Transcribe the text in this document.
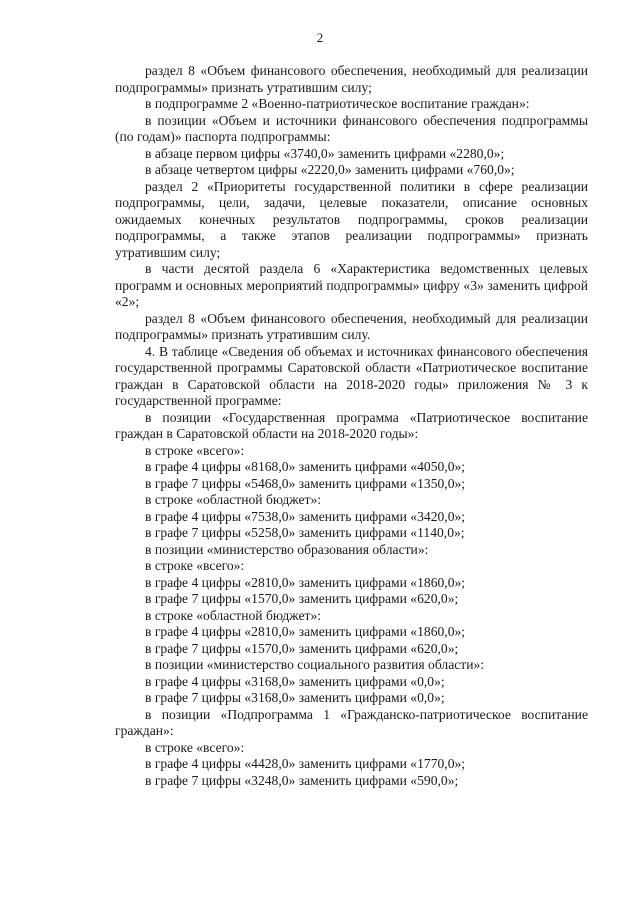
2

раздел 8 «Объем финансового обеспечения, необходимый для реализации подпрограммы» признать утратившим силу;

в подпрограмме 2 «Военно-патриотическое воспитание граждан»:

в позиции «Объем и источники финансового обеспечения подпрограммы (по годам)» паспорта подпрограммы:

в абзаце первом цифры «3740,0» заменить цифрами «2280,0»;

в абзаце четвертом цифры «2220,0» заменить цифрами «760,0»;

раздел 2 «Приоритеты государственной политики в сфере реализации подпрограммы, цели, задачи, целевые показатели, описание основных ожидаемых конечных результатов подпрограммы, сроков реализации подпрограммы, а также этапов реализации подпрограммы» признать утратившим силу;

в части десятой раздела 6 «Характеристика ведомственных целевых программ и основных мероприятий подпрограммы» цифру «3» заменить цифрой «2»;

раздел 8 «Объем финансового обеспечения, необходимый для реализации подпрограммы» признать утратившим силу.

4. В таблице «Сведения об объемах и источниках финансового обеспечения государственной программы Саратовской области «Патриотическое воспитание граждан в Саратовской области на 2018-2020 годы» приложения № 3 к государственной программе:

в позиции «Государственная программа «Патриотическое воспитание граждан в Саратовской области на 2018-2020 годы»:

в строке «всего»:

в графе 4 цифры «8168,0» заменить цифрами «4050,0»;

в графе 7 цифры «5468,0» заменить цифрами «1350,0»;

в строке «областной бюджет»:

в графе 4 цифры «7538,0» заменить цифрами «3420,0»;

в графе 7 цифры «5258,0» заменить цифрами «1140,0»;

в позиции «министерство образования области»:

в строке «всего»:

в графе 4 цифры «2810,0» заменить цифрами «1860,0»;

в графе 7 цифры «1570,0» заменить цифрами «620,0»;

в строке «областной бюджет»:

в графе 4 цифры «2810,0» заменить цифрами «1860,0»;

в графе 7 цифры «1570,0» заменить цифрами «620,0»;

в позиции «министерство социального развития области»:

в графе 4 цифры «3168,0» заменить цифрами «0,0»;

в графе 7 цифры «3168,0» заменить цифрами «0,0»;

в позиции «Подпрограмма 1 «Гражданско-патриотическое воспитание граждан»:

в строке «всего»:

в графе 4 цифры «4428,0» заменить цифрами «1770,0»;

в графе 7 цифры «3248,0» заменить цифрами «590,0»;
